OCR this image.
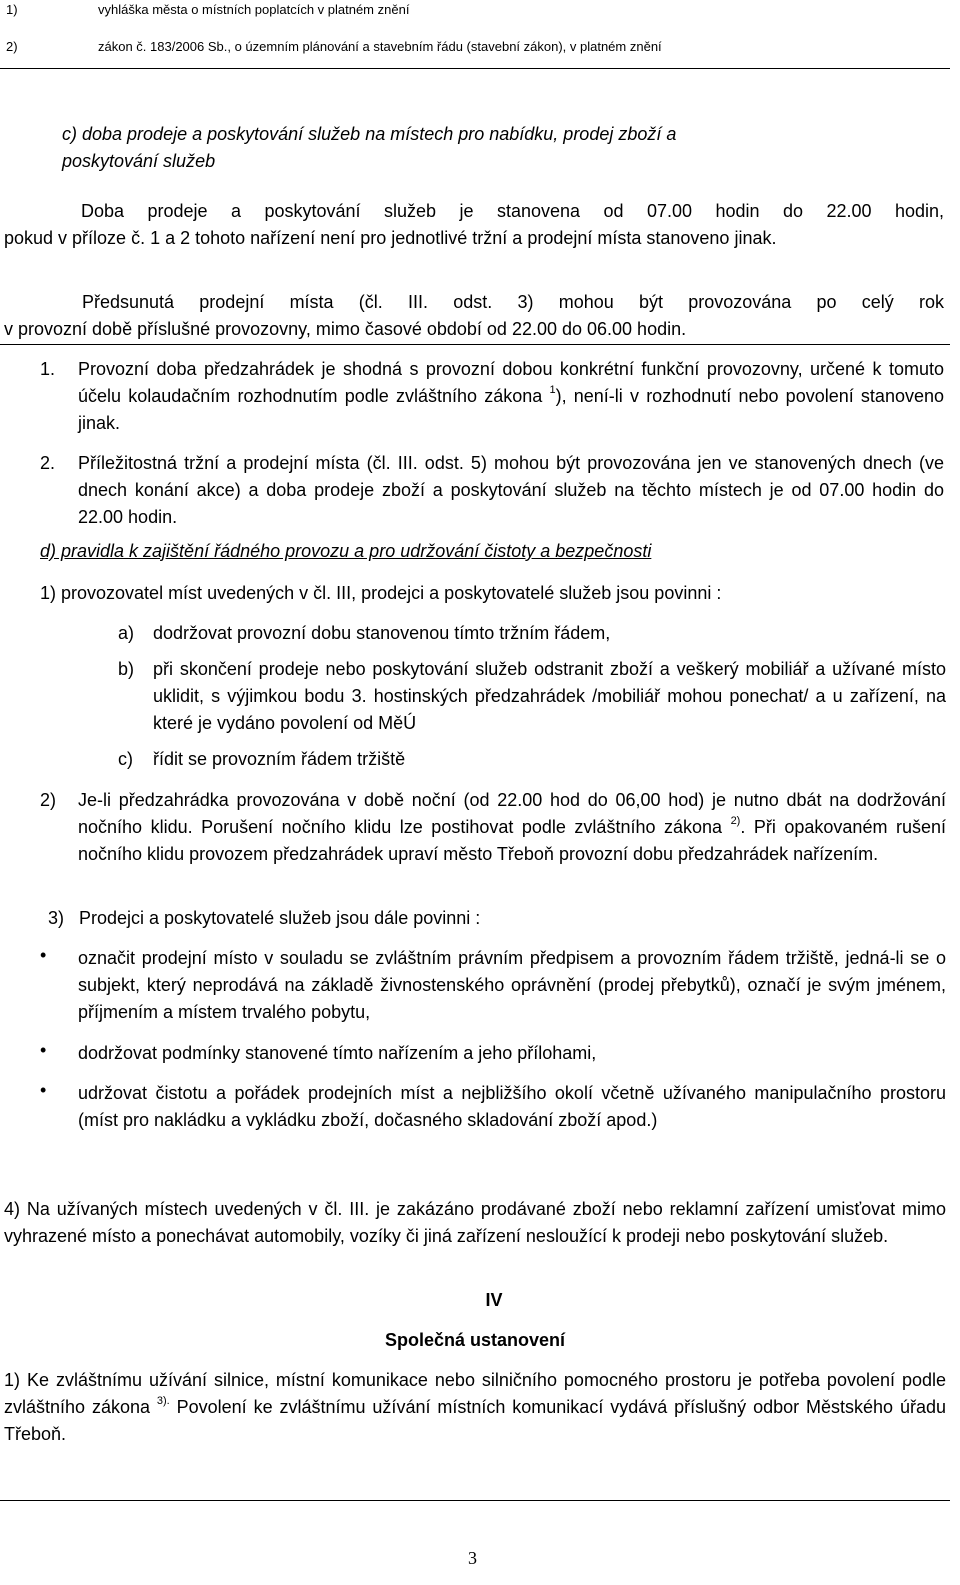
1)	vyhláška města o místních poplatcích v platném znění
2)	zákon č. 183/2006 Sb., o územním plánování a stavebním řádu (stavební zákon), v platném znění

c) doba prodeje a poskytování služeb na místech pro nabídku, prodej zboží a

poskytování služeb

Doba prodeje a poskytování služeb je stanovena od 07.00 hodin do 22.00 hodin,

pokud v příloze č. 1 a 2 tohoto nařízení není pro jednotlivé tržní a prodejní místa stanoveno jinak.

Předsunutá prodejní místa (čl. III. odst. 3) mohou být provozována po celý rok

v provozní době příslušné provozovny, mimo časové období od 22.00 do 06.00 hodin.

1. Provozní doba předzahrádek je shodná s provozní dobou konkrétní funkční provozovny, určené k tomuto účelu kolaudačním rozhodnutím podle zvláštního zákona $^1$), není-li v rozhodnutí nebo povolení stanoveno jinak.

2. Příležitostná tržní a prodejní místa (čl. III. odst. 5) mohou být provozována jen ve stanovených dnech (ve dnech konání akce) a doba prodeje zboží a poskytování služeb na těchto místech je od 07.00 hodin do 22.00 hodin.

d) pravidla k zajištění řádného provozu a pro udržování čistoty a bezpečnosti
1) provozovatel míst uvedených v čl. III, prodejci a poskytovatelé služeb jsou povinni :
a) dodržovat provozní dobu stanovenou tímto tržním řádem,
b) při skončení prodeje nebo poskytování služeb odstranit zboží a veškerý mobiliář a užívané místo uklidit, s výjimkou bodu 3. hostinských předzahrádek /mobiliář mohou ponechat/ a u zařízení, na které je vydáno povolení od MěÚ
c) řídit se provozním řádem tržiště
2) Je-li předzahrádka provozována v době noční (od 22.00 hod do 06,00 hod) je nutno dbát na dodržování nočního klidu. Porušení nočního klidu lze postihovat podle zvláštního zákona $^{2)}$. Při opakovaném rušení nočního klidu provozem předzahrádek upraví město Třeboň provozní dobu předzahrádek nařízením.

3)   Prodejci a poskytovatelé služeb jsou dále povinni :
• označit prodejní místo v souladu se zvláštním právním předpisem a provozním řádem tržiště, jedná-li se o subjekt, který neprodává na základě živnostenského oprávnění (prodej přebytků), označí je svým jménem, příjmením a místem trvalého pobytu,
• dodržovat podmínky stanovené tímto nařízením a jeho přílohami,
• udržovat čistotu a pořádek prodejních míst a nejbližšího okolí včetně užívaného manipulačního prostoru (míst pro nakládku a vykládku zboží, dočasného skladování zboží apod.)
4) Na užívaných místech uvedených v čl. III. je zakázáno prodávané zboží nebo reklamní zařízení umisťovat mimo vyhrazené místo a ponechávat automobily, vozíky či jiná zařízení nesloužící k prodeji nebo poskytování služeb.
IV
Společná ustanovení

1) Ke zvláštnímu užívání silnice, místní komunikace nebo silničního pomocného prostoru je potřeba povolení podle zvláštního zákona $^{3).}$ Povolení ke zvláštnímu užívání místních komunikací vydává příslušný odbor Městského úřadu Třeboň.

3
